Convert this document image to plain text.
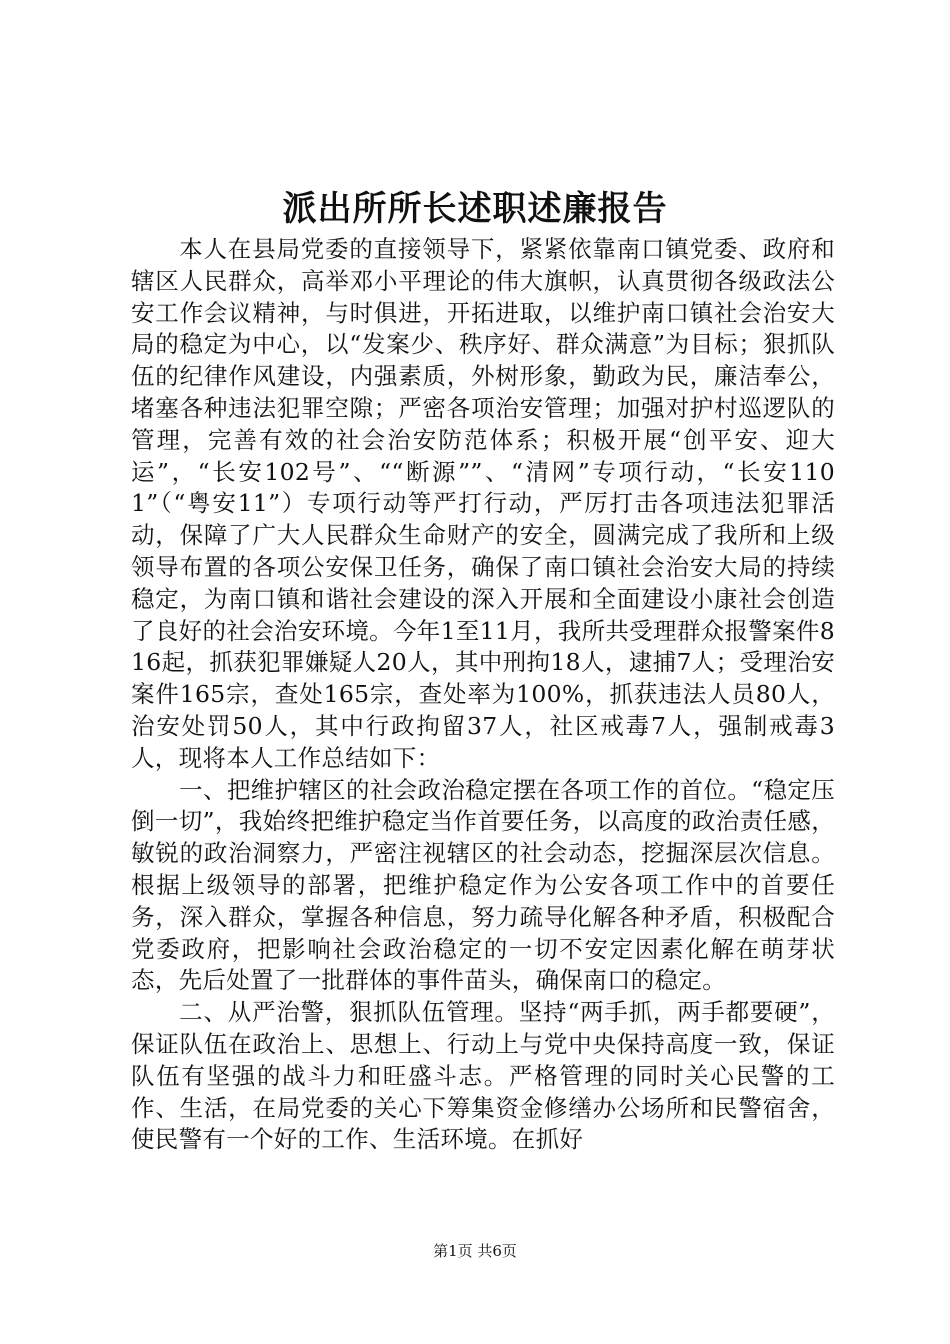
派出所所长述职述廉报告

本人在县局党委的直接领导下，紧紧依靠南口镇党委、政府和辖区人民群众，高举邓小平理论的伟大旗帜，认真贯彻各级政法公安工作会议精神，与时俱进，开拓进取，以维护南口镇社会治安大局的稳定为中心，以“发案少、秩序好、群众满意”为目标；狠抓队伍的纪律作风建设，内强素质，外树形象，勤政为民，廉洁奉公，堵塞各种违法犯罪空隙；严密各项治安管理；加强对护村巡逻队的管理，完善有效的社会治安防范体系；积极开展“创平安、迎大运”，“长安102号”、““断源””、“清网”专项行动，“长安1101”（“粤安11”）专项行动等严打行动，严厉打击各项违法犯罪活动，保障了广大人民群众生命财产的安全，圆满完成了我所和上级领导布置的各项公安保卫任务，确保了南口镇社会治安大局的持续稳定，为南口镇和谐社会建设的深入开展和全面建设小康社会创造了良好的社会治安环境。今年1至11月，我所共受理群众报警案件816起，抓获犯罪嫌疑人20人，其中刑拘18人，逮捕7人；受理治安案件165宗，查处165宗，查处率为100%，抓获违法人员80人，治安处罚50人，其中行政拘留37人，社区戒毒7人，强制戒毒3人，现将本人工作总结如下：

一、把维护辖区的社会政治稳定摆在各项工作的首位。“稳定压倒一切”，我始终把维护稳定当作首要任务，以高度的政治责任感，敏锐的政治洞察力，严密注视辖区的社会动态，挖掘深层次信息。根据上级领导的部署，把维护稳定作为公安各项工作中的首要任务，深入群众，掌握各种信息，努力疏导化解各种矛盾，积极配合党委政府，把影响社会政治稳定的一切不安定因素化解在萌芽状态，先后处置了一批群体的事件苗头，确保南口的稳定。

二、从严治警，狠抓队伍管理。坚持“两手抓，两手都要硬”，保证队伍在政治上、思想上、行动上与党中央保持高度一致，保证队伍有坚强的战斗力和旺盛斗志。严格管理的同时关心民警的工作、生活，在局党委的关心下筹集资金修缮办公场所和民警宿舍，使民警有一个好的工作、生活环境。在抓好

第1页 共6页
